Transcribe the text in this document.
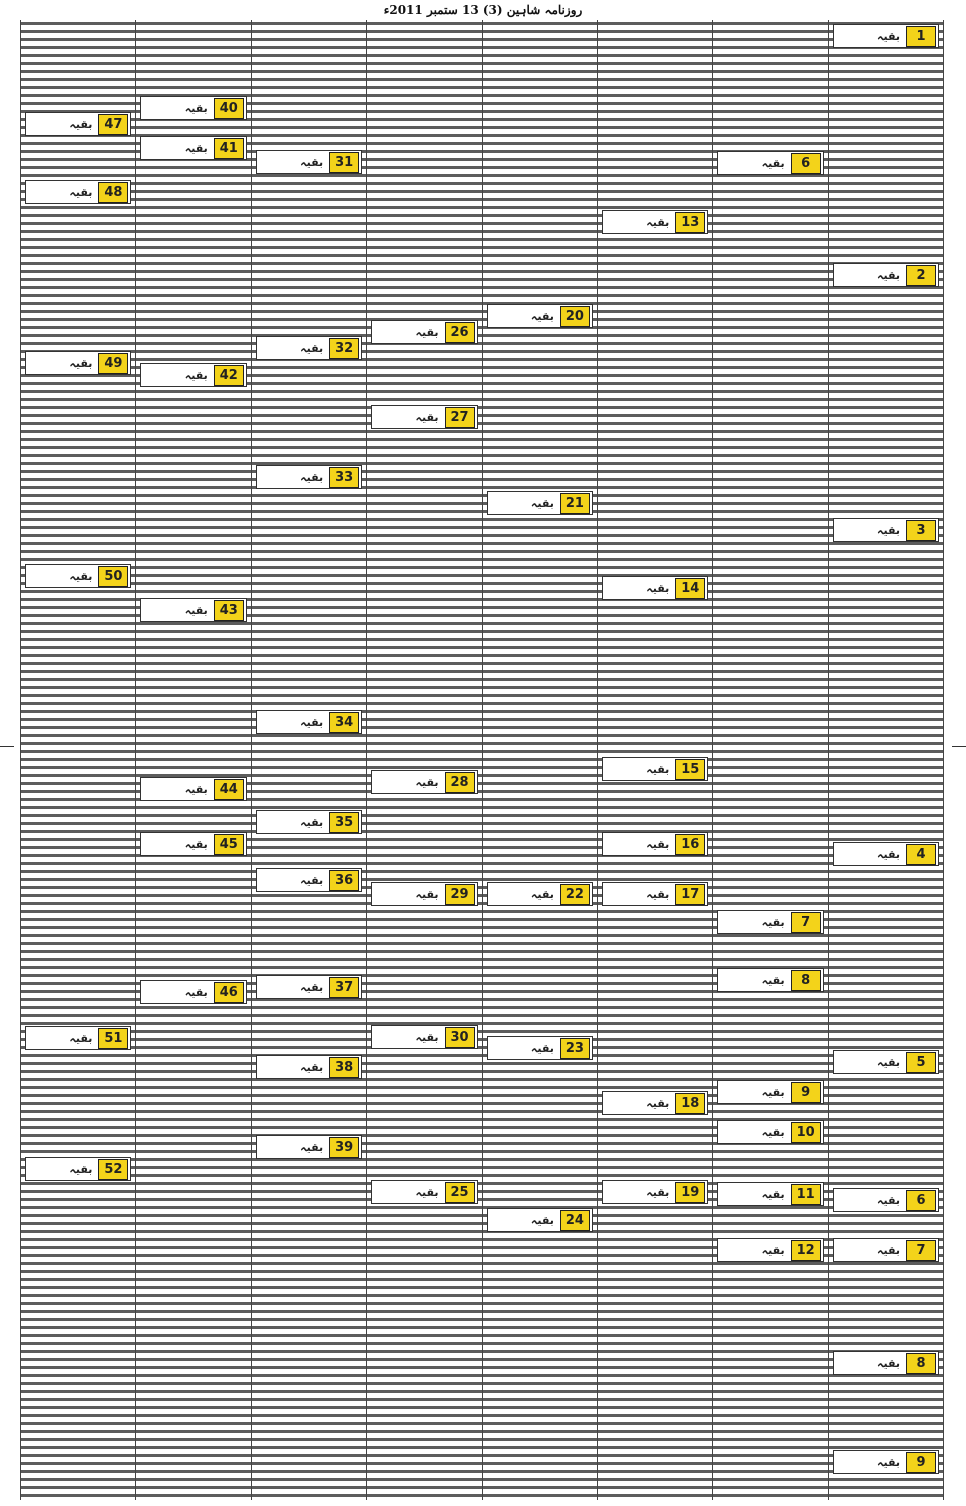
روزنامہ شاہین (3) 13 ستمبر 2011ء
1
بقیہ
2
بقیہ
3
بقیہ
4
بقیہ
5
بقیہ
6
بقیہ
7
بقیہ
8
بقیہ
9
بقیہ
6
بقیہ
7
بقیہ
8
بقیہ
9
بقیہ
10
بقیہ
11
بقیہ
12
بقیہ
13
بقیہ
14
بقیہ
15
بقیہ
16
بقیہ
17
بقیہ
18
بقیہ
19
بقیہ
20
بقیہ
21
بقیہ
22
بقیہ
23
بقیہ
24
بقیہ
26
بقیہ
27
بقیہ
28
بقیہ
29
بقیہ
30
بقیہ
25
بقیہ
31
بقیہ
32
بقیہ
33
بقیہ
34
بقیہ
35
بقیہ
36
بقیہ
37
بقیہ
38
بقیہ
39
بقیہ
40
بقیہ
41
بقیہ
42
بقیہ
43
بقیہ
44
بقیہ
45
بقیہ
46
بقیہ
47
بقیہ
48
بقیہ
49
بقیہ
50
بقیہ
51
بقیہ
52
بقیہ
